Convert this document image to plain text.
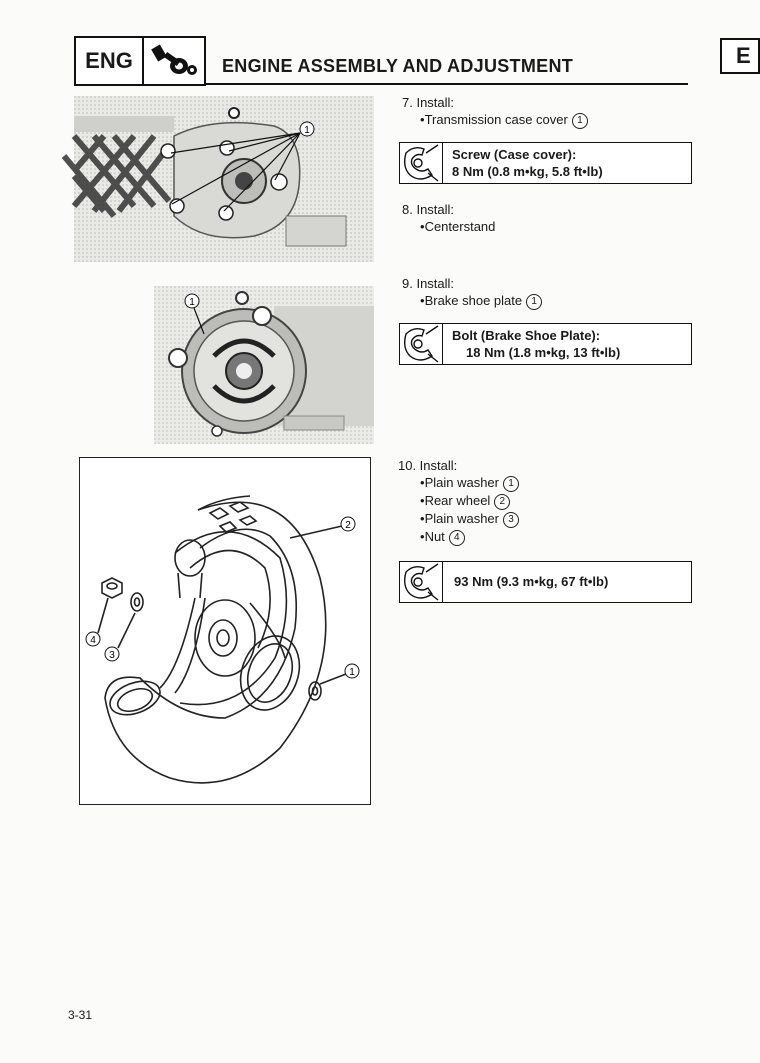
ENG	ENGINE ASSEMBLY AND ADJUSTMENT	E
1
1
2
4
3
1
7. Install:
•Transmission case cover 1
Screw (Case cover):
8 Nm (0.8 m•kg, 5.8 ft•lb)
8. Install:
•Centerstand
9. Install:
•Brake shoe plate 1
Bolt (Brake Shoe Plate):
18 Nm (1.8 m•kg, 13 ft•lb)
10. Install:
•Plain washer 1
•Rear wheel 2
•Plain washer 3
•Nut 4
93 Nm (9.3 m•kg, 67 ft•lb)
3-31
